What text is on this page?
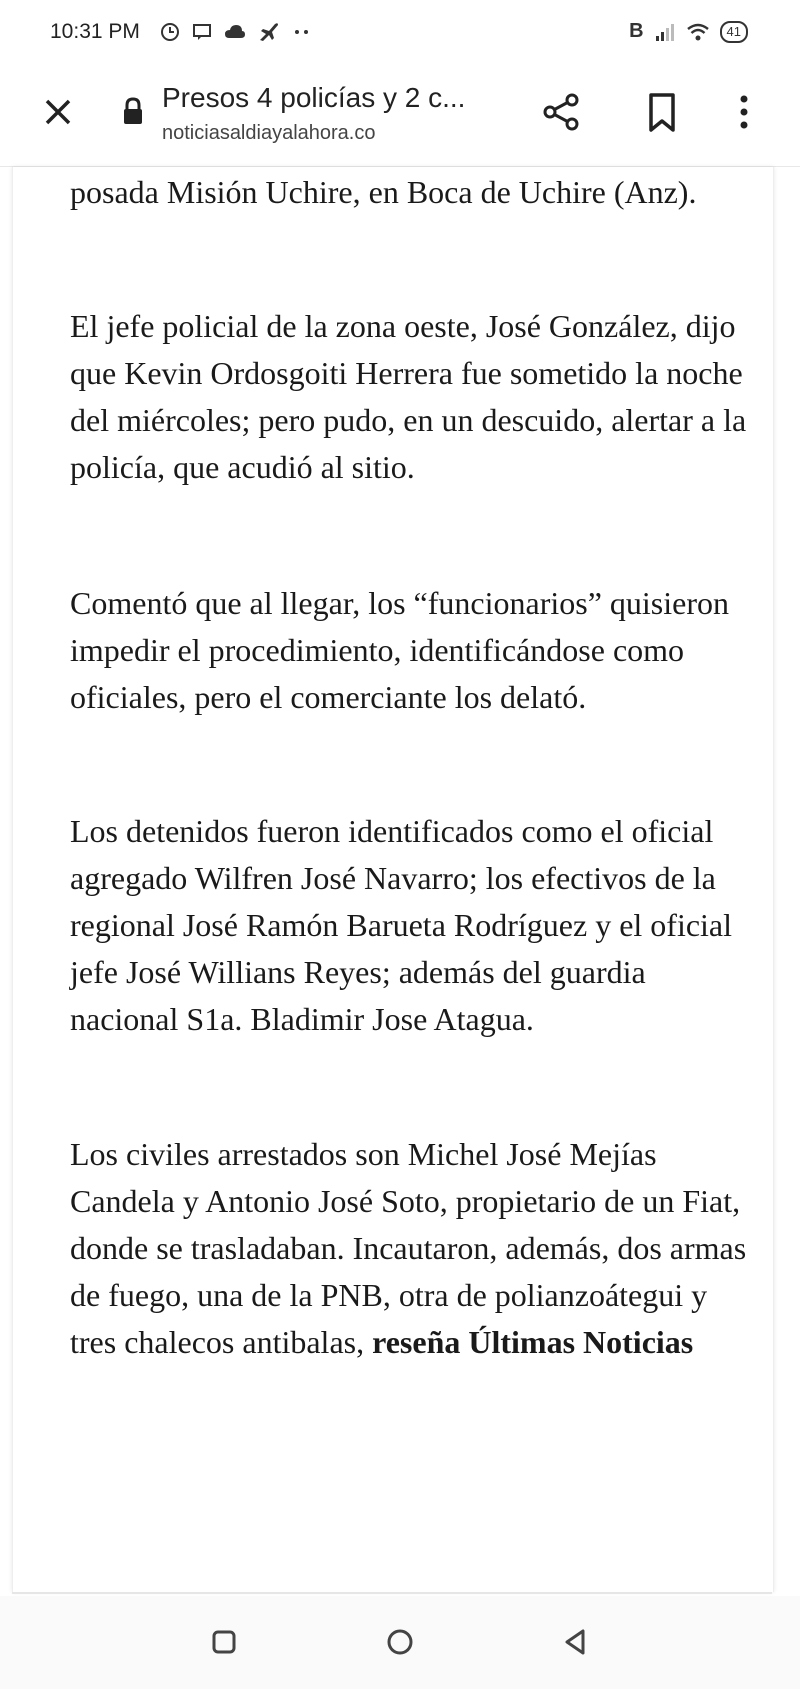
10:31 PM	B	41
Presos 4 policías y 2 c...
noticiasaldiayalahora.co

posada Misión Uchire, en Boca de Uchire (Anz).

El jefe policial de la zona oeste, José González, dijo que Kevin Ordosgoiti Herrera fue sometido la noche del miércoles; pero pudo, en un descuido, alertar a la policía, que acudió al sitio.

Comentó que al llegar, los “funcionarios” quisieron impedir el procedimiento, identificándose como oficiales, pero el comerciante los delató.

Los detenidos fueron identificados como el oficial agregado Wilfren José Navarro; los efectivos de la regional José Ramón Barueta Rodríguez y el oficial jefe José Willians Reyes; además del guardia nacional S1a. Bladimir Jose Atagua.

Los civiles arrestados son Michel José Mejías Candela y Antonio José Soto, propietario de un Fiat, donde se trasladaban. Incautaron, además, dos armas de fuego, una de la PNB, otra de polianzoátegui y tres chalecos antibalas, reseña Últimas Noticias
